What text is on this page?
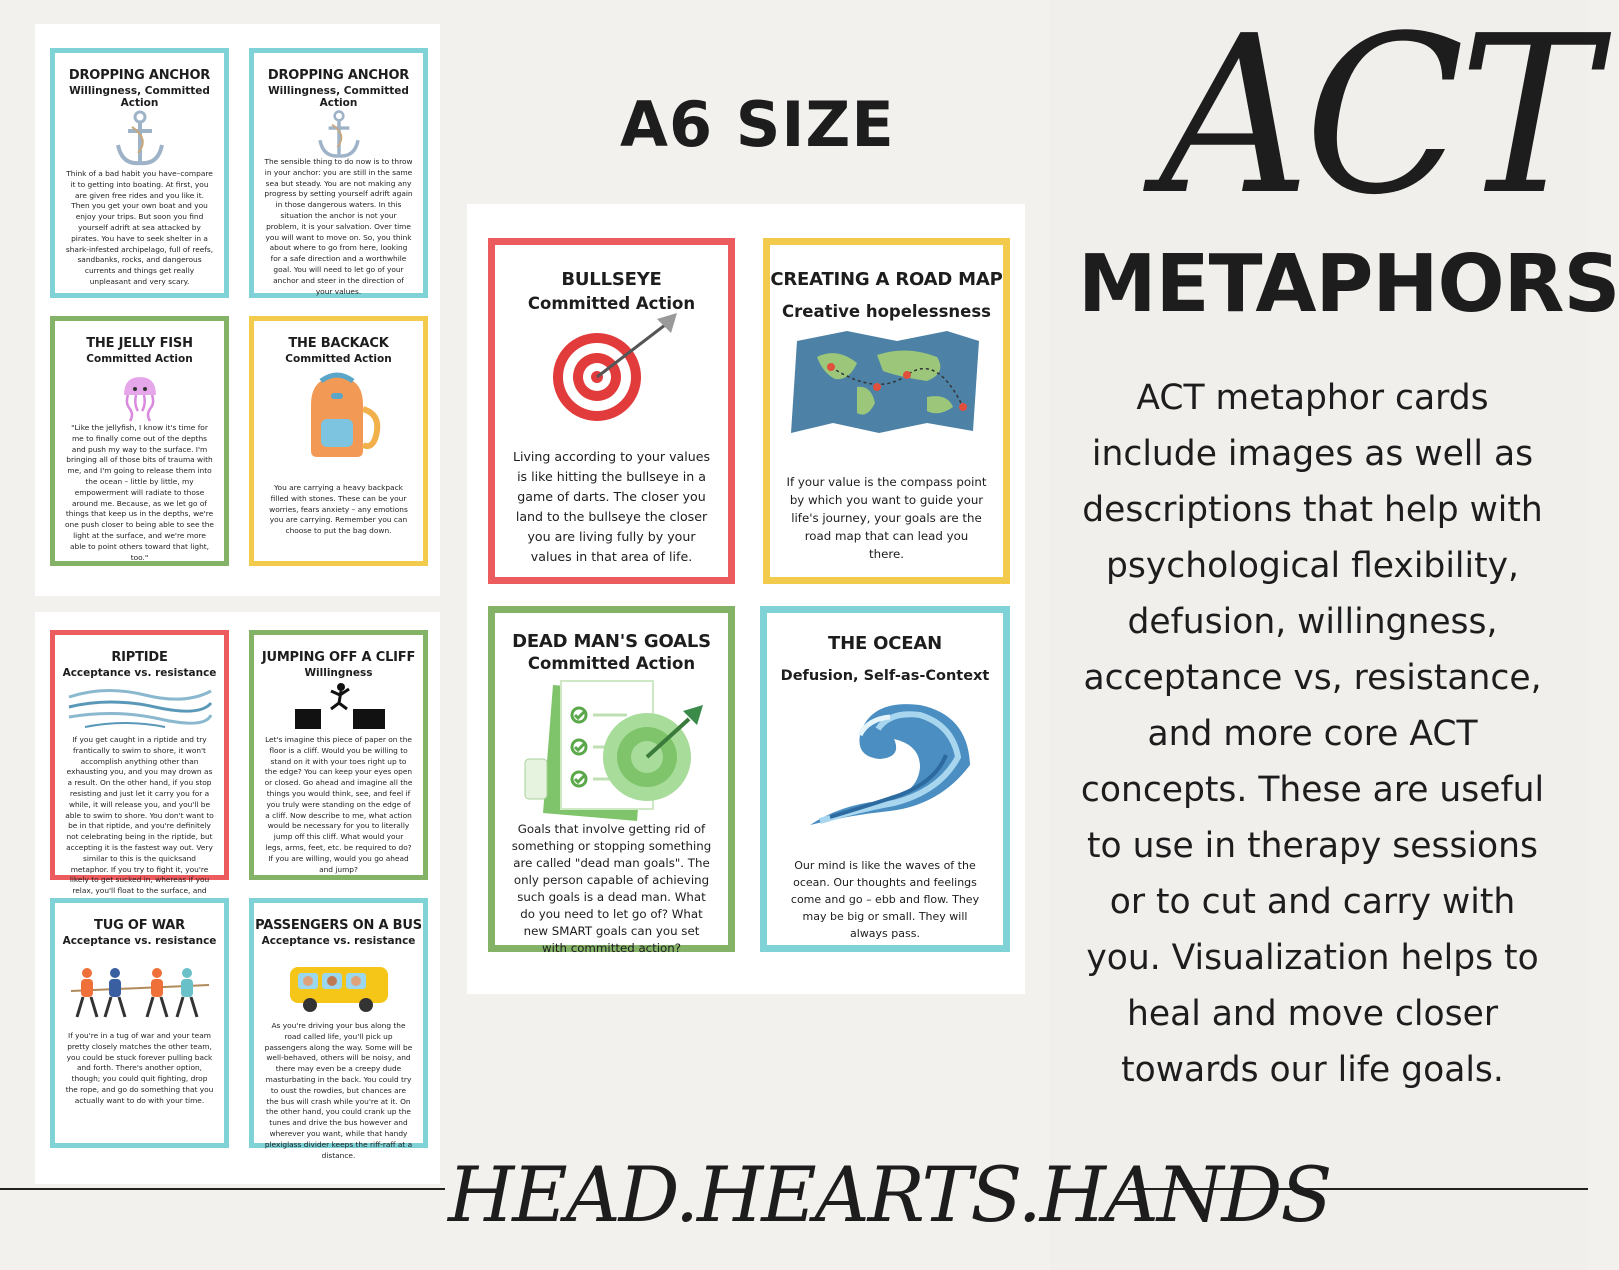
DROPPING ANCHOR
Willingness, Committed Action
Think of a bad habit you have–compare it to getting into boating. At first, you are given free rides and you like it. Then you get your own boat and you enjoy your trips. But soon you find yourself adrift at sea attacked by pirates. You have to seek shelter in a shark-infested archipelago, full of reefs, sandbanks, rocks, and dangerous currents and things get really unpleasant and very scary.
DROPPING ANCHOR
Willingness, Committed Action
The sensible thing to do now is to throw in your anchor: you are still in the same sea but steady. You are not making any progress by setting yourself adrift again in those dangerous waters. In this situation the anchor is not your problem, it is your salvation. Over time you will want to move on. So, you think about where to go from here, looking for a safe direction and a worthwhile goal. You will need to let go of your anchor and steer in the direction of your values.
THE JELLY FISH
Committed Action
"Like the jellyfish, I know it's time for me to finally come out of the depths and push my way to the surface. I'm bringing all of those bits of trauma with me, and I'm going to release them into the ocean – little by little, my empowerment will radiate to those around me. Because, as we let go of things that keep us in the depths, we're one push closer to being able to see the light at the surface, and we're more able to point others toward that light, too."
THE BACKACK
Committed Action
You are carrying a heavy backpack filled with stones. These can be your worries, fears anxiety – any emotions you are carrying. Remember you can choose to put the bag down.
RIPTIDE
Acceptance vs. resistance
If you get caught in a riptide and try frantically to swim to shore, it won't accomplish anything other than exhausting you, and you may drown as a result. On the other hand, if you stop resisting and just let it carry you for a while, it will release you, and you'll be able to swim to shore. You don't want to be in that riptide, and you're definitely not celebrating being in the riptide, but accepting it is the fastest way out. Very similar to this is the quicksand metaphor. If you try to fight it, you're likely to get sucked in, whereas if you relax, you'll float to the surface, and
JUMPING OFF A CLIFF
Willingness
Let's imagine this piece of paper on the floor is a cliff. Would you be willing to stand on it with your toes right up to the edge? You can keep your eyes open or closed. Go ahead and imagine all the things you would think, see, and feel if you truly were standing on the edge of a cliff. Now describe to me, what action would be necessary for you to literally jump off this cliff. What would your legs, arms, feet, etc. be required to do? If you are willing, would you go ahead and jump?
TUG OF WAR
Acceptance vs. resistance
If you're in a tug of war and your team pretty closely matches the other team, you could be stuck forever pulling back and forth. There's another option, though; you could quit fighting, drop the rope, and go do something that you actually want to do with your time.
PASSENGERS ON A BUS
Acceptance vs. resistance
As you're driving your bus along the road called life, you'll pick up passengers along the way. Some will be well-behaved, others will be noisy, and there may even be a creepy dude masturbating in the back. You could try to oust the rowdies, but chances are the bus will crash while you're at it. On the other hand, you could crank up the tunes and drive the bus however and wherever you want, while that handy plexiglass divider keeps the riff-raff at a distance.
A6 SIZE
BULLSEYE
Committed Action
Living according to your values is like hitting the bullseye in a game of darts. The closer you land to the bullseye the closer you are living fully by your values in that area of life.
CREATING A ROAD MAP
Creative hopelessness
If your value is the compass point by which you want to guide your life's journey, your goals are the road map that can lead you there.
DEAD MAN'S GOALS
Committed Action
Goals that involve getting rid of something or stopping something are called "dead man goals". The only person capable of achieving such goals is a dead man. What do you need to let go of? What new SMART goals can you set with committed action?
THE OCEAN
Defusion, Self-as-Context
Our mind is like the waves of the ocean. Our thoughts and feelings come and go – ebb and flow. They may be big or small. They will always pass.
ACT
METAPHORS
ACT metaphor cards include images as well as descriptions that help with psychological flexibility, defusion, willingness, acceptance vs, resistance, and more core ACT concepts. These are useful to use in therapy sessions or to cut and carry with you. Visualization helps to heal and move closer towards our life goals.
HEAD.HEARTS.HANDS
